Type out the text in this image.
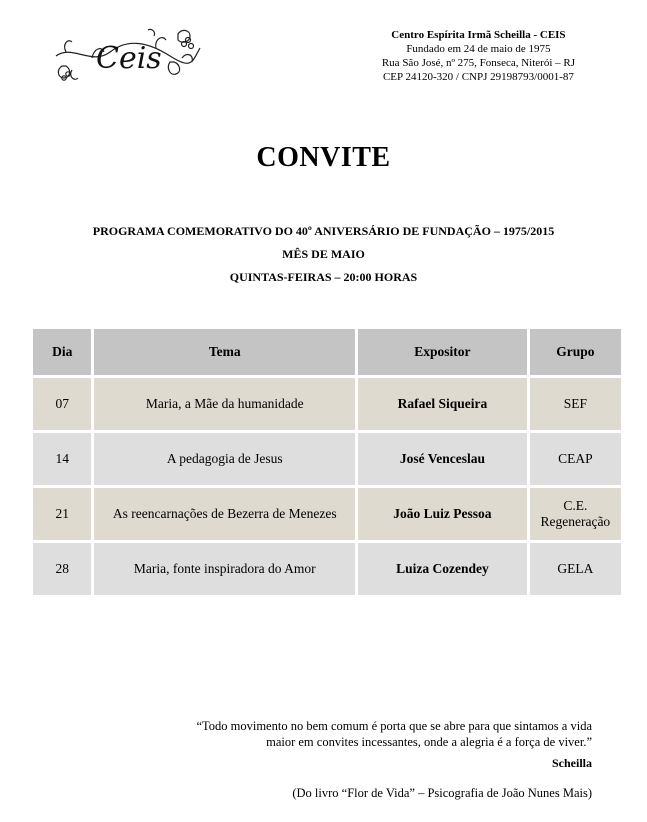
Ceis
Centro Espírita Irmã Scheilla - CEIS
Fundado em 24 de maio de 1975
Rua São José, nº 275, Fonseca, Niterói – RJ
CEP 24120-320 / CNPJ 29198793/0001-87
CONVITE
PROGRAMA COMEMORATIVO DO 40º ANIVERSÁRIO DE FUNDAÇÃO – 1975/2015
MÊS DE MAIO
QUINTAS-FEIRAS – 20:00 HORAS
Dia	Tema	Expositor	Grupo
07	Maria, a Mãe da humanidade	Rafael Siqueira	SEF
14	A pedagogia de Jesus	José Venceslau	CEAP
21	As reencarnações de Bezerra de Menezes	João Luiz Pessoa	C.E. Regeneração
28	Maria, fonte inspiradora do Amor	Luiza Cozendey	GELA
“Todo movimento no bem comum é porta que se abre para que sintamos a vida maior em convites incessantes, onde a alegria é a força de viver.”
Scheilla
(Do livro “Flor de Vida” – Psicografia de João Nunes Mais)
